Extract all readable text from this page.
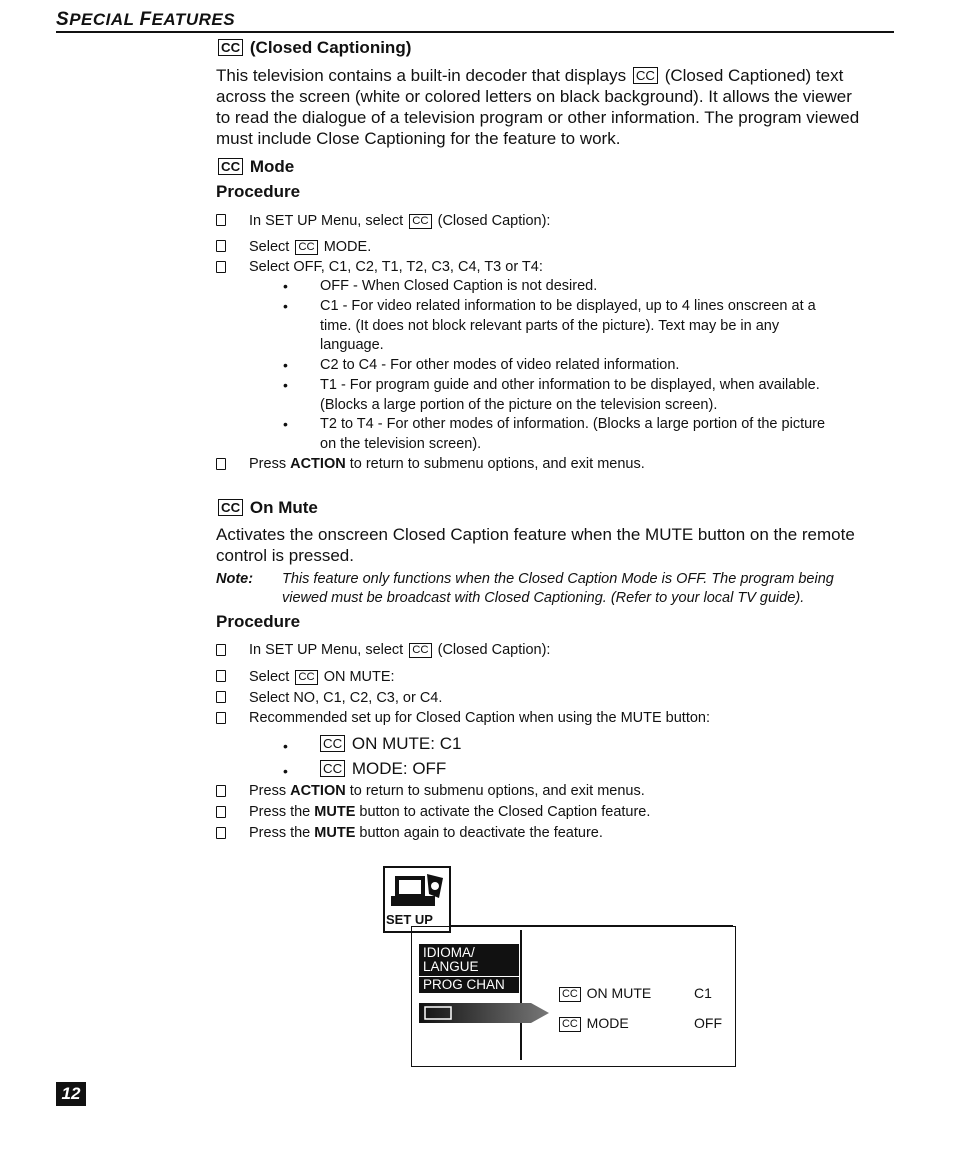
SPECIAL FEATURES
CC (Closed Captioning)
This television contains a built-in decoder that displays CC (Closed Captioned) text
across the screen (white or colored letters on black background). It allows the viewer
to read the dialogue of a television program or other information. The program viewed
must include Close Captioning for the feature to work.
CC Mode
Procedure
In SET UP Menu, select CC (Closed Caption):
Select CC MODE.
Select OFF, C1, C2, T1, T2, C3, C4, T3 or T4:
• OFF - When Closed Caption is not desired.
• C1 - For video related information to be displayed, up to 4 lines onscreen at a
time. (It does not block relevant parts of the picture). Text may be in any
language.
• C2 to C4 - For other modes of video related information.
• T1 - For program guide and other information to be displayed, when available.
(Blocks a large portion of the picture on the television screen).
• T2 to T4 - For other modes of information. (Blocks a large portion of the picture
on the television screen).
Press ACTION to return to submenu options, and exit menus.
CC On Mute
Activates the onscreen Closed Caption feature when the MUTE button on the remote
control is pressed.
Note: This feature only functions when the Closed Caption Mode is OFF. The program being
viewed must be broadcast with Closed Captioning. (Refer to your local TV guide).
Procedure
In SET UP Menu, select CC (Closed Caption):
Select CC ON MUTE:
Select NO, C1, C2, C3, or C4.
Recommended set up for Closed Caption when using the MUTE button:
•	CC ON MUTE: C1
•	CC MODE: OFF
Press ACTION to return to submenu options, and exit menus.
Press the MUTE button to activate the Closed Caption feature.
Press the MUTE button again to deactivate the feature.
SET UP
IDIOMA/
LANGUE
PROG CHAN
CC ON MUTE	C1
CC MODE	OFF
12
